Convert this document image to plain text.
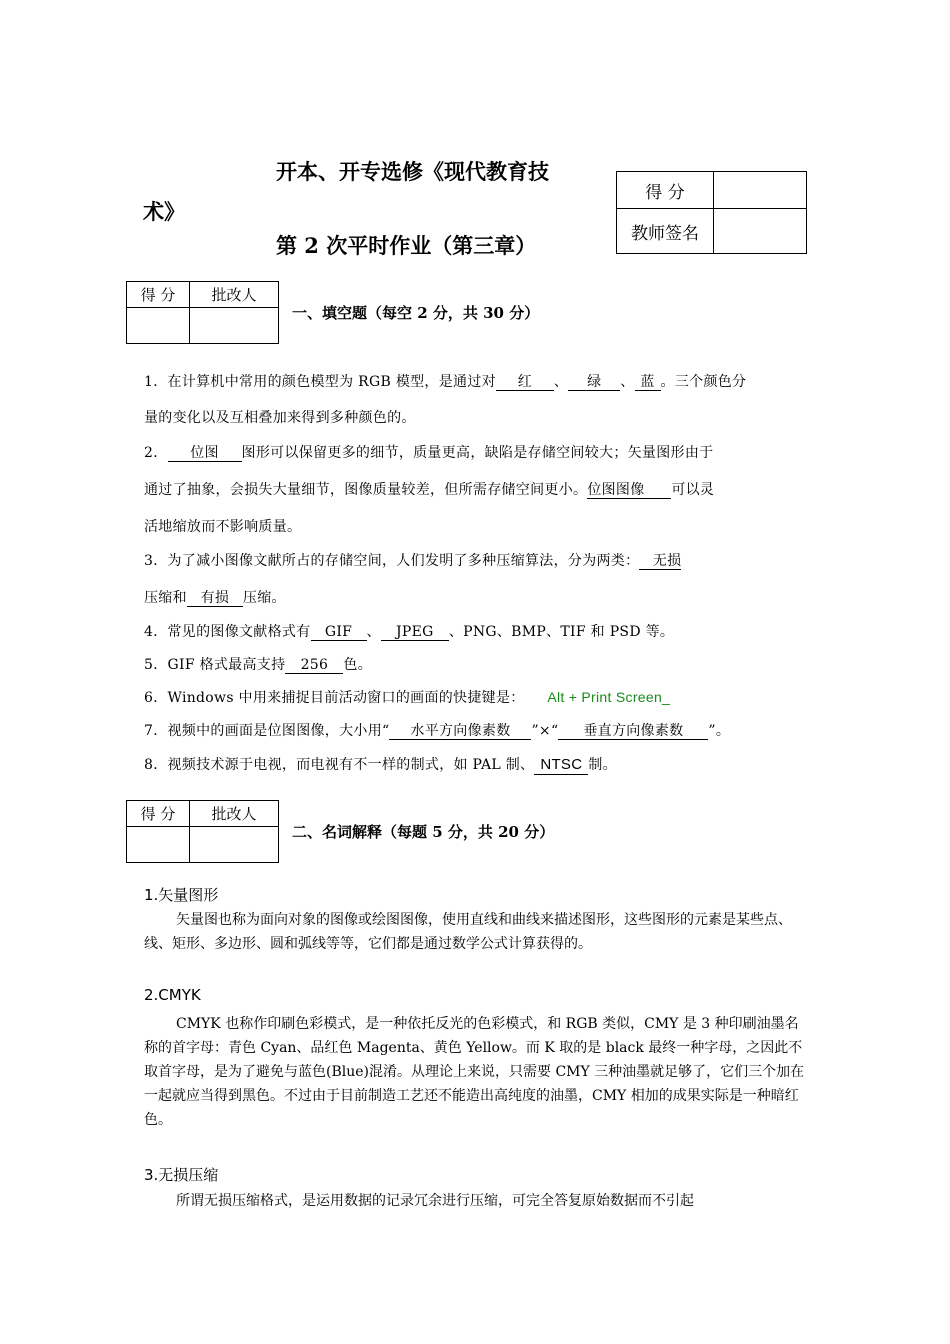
开本、开专选修《现代教育技
术》
第 2 次平时作业（第三章）
得 分	
教师签名	
得 分	批改人

一、填空题（每空 2 分，共 30 分）
1．在计算机中常用的颜色模型为 RGB 模型，是通过对 红 、 绿 、 蓝 。三个颜色分
量的变化以及互相叠加来得到多种颜色的。
2． 位图 图形可以保留更多的细节，质量更高，缺陷是存储空间较大；矢量图形由于
通过了抽象，会损失大量细节，图像质量较差，但所需存储空间更小。位图图像 可以灵
活地缩放而不影响质量。
3．为了减小图像文献所占的存储空间，人们发明了多种压缩算法，分为两类： 无损
压缩和 有损 压缩。
4．常见的图像文献格式有 GIF 、 JPEG 、PNG、BMP、TIF 和 PSD 等。
5．GIF 格式最高支持 256 色。
6．Windows 中用来捕捉目前活动窗口的画面的快捷键是： Alt + Print Screen_
7．视频中的画面是位图图像，大小用“ 水平方向像素数 ”×“ 垂直方向像素数 ”。
8．视频技术源于电视，而电视有不一样的制式，如 PAL 制、 NTSC 制。
得 分	批改人

二、名词解释（每题 5 分，共 20 分）
1.矢量图形
矢量图也称为面向对象的图像或绘图图像，使用直线和曲线来描述图形，这些图形的元素是某些点、线、矩形、多边形、圆和弧线等等，它们都是通过数学公式计算获得的。
2.CMYK
CMYK 也称作印刷色彩模式，是一种依托反光的色彩模式，和 RGB 类似，CMY 是 3 种印刷油墨名称的首字母：青色 Cyan、品红色 Magenta、黄色 Yellow。而 K 取的是 black 最终一种字母，之因此不取首字母，是为了避免与蓝色(Blue)混淆。从理论上来说，只需要 CMY 三种油墨就足够了，它们三个加在一起就应当得到黑色。不过由于目前制造工艺还不能造出高纯度的油墨，CMY 相加的成果实际是一种暗红色。
3.无损压缩
所谓无损压缩格式，是运用数据的记录冗余进行压缩，可完全答复原始数据而不引起
